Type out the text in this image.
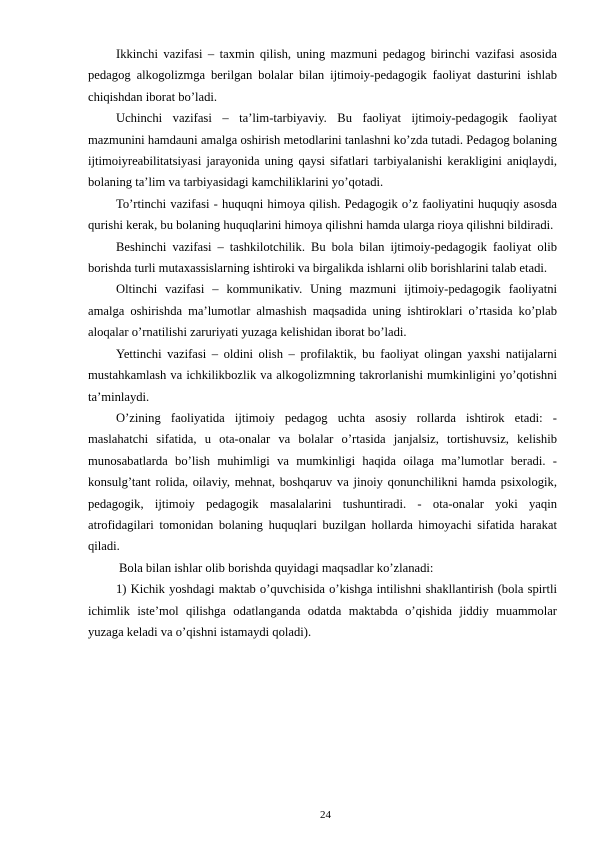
Ikkinchi vazifasi – taxmin qilish, uning mazmuni pedagog birinchi vazifasi asosida pedagog alkogolizmga berilgan bolalar bilan ijtimoiy-pedagogik faoliyat dasturini ishlab chiqishdan iborat bo’ladi.

Uchinchi vazifasi – ta’lim-tarbiyaviy. Bu faoliyat ijtimoiy-pedagogik faoliyat mazmunini hamdauni amalga oshirish metodlarini tanlashni ko’zda tutadi. Pedagog bolaning ijtimoiyreabilitatsiyasi jarayonida uning qaysi sifatlari tarbiyalanishi kerakligini aniqlaydi, bolaning ta’lim va tarbiyasidagi kamchiliklarini yo’qotadi.

To’rtinchi vazifasi - huquqni himoya qilish. Pedagogik o’z faoliyatini huquqiy asosda qurishi kerak, bu bolaning huquqlarini himoya qilishni hamda ularga rioya qilishni bildiradi.

Beshinchi vazifasi – tashkilotchilik. Bu bola bilan ijtimoiy-pedagogik faoliyat olib borishda turli mutaxassislarning ishtiroki va birgalikda ishlarni olib borishlarini talab etadi.

Oltinchi vazifasi – kommunikativ. Uning mazmuni ijtimoiy-pedagogik faoliyatni amalga oshirishda ma’lumotlar almashish maqsadida uning ishtiroklari o’rtasida ko’plab aloqalar o’rnatilishi zaruriyati yuzaga kelishidan iborat bo’ladi.

Yettinchi vazifasi – oldini olish – profilaktik, bu faoliyat olingan yaxshi natijalarni mustahkamlash va ichkilikbozlik va alkogolizmning takrorlanishi mumkinligini yo’qotishni ta’minlaydi.

O’zining faoliyatida ijtimoiy pedagog uchta asosiy rollarda ishtirok etadi: - maslahatchi sifatida, u ota-onalar va bolalar o’rtasida janjalsiz, tortishuvsiz, kelishib munosabatlarda bo’lish muhimligi va mumkinligi haqida oilaga ma’lumotlar beradi. - konsulg’tant rolida, oilaviy, mehnat, boshqaruv va jinoiy qonunchilikni hamda psixologik, pedagogik, ijtimoiy pedagogik masalalarini tushuntiradi. - ota-onalar yoki yaqin atrofidagilari tomonidan bolaning huquqlari buzilgan hollarda himoyachi sifatida harakat qiladi.

Bola bilan ishlar olib borishda quyidagi maqsadlar ko’zlanadi:

1) Kichik yoshdagi maktab o’quvchisida o’kishga intilishni shakllantirish (bola spirtli ichimlik iste’mol qilishga odatlanganda odatda maktabda o’qishida jiddiy muammolar yuzaga keladi va o’qishni istamaydi qoladi).

24
